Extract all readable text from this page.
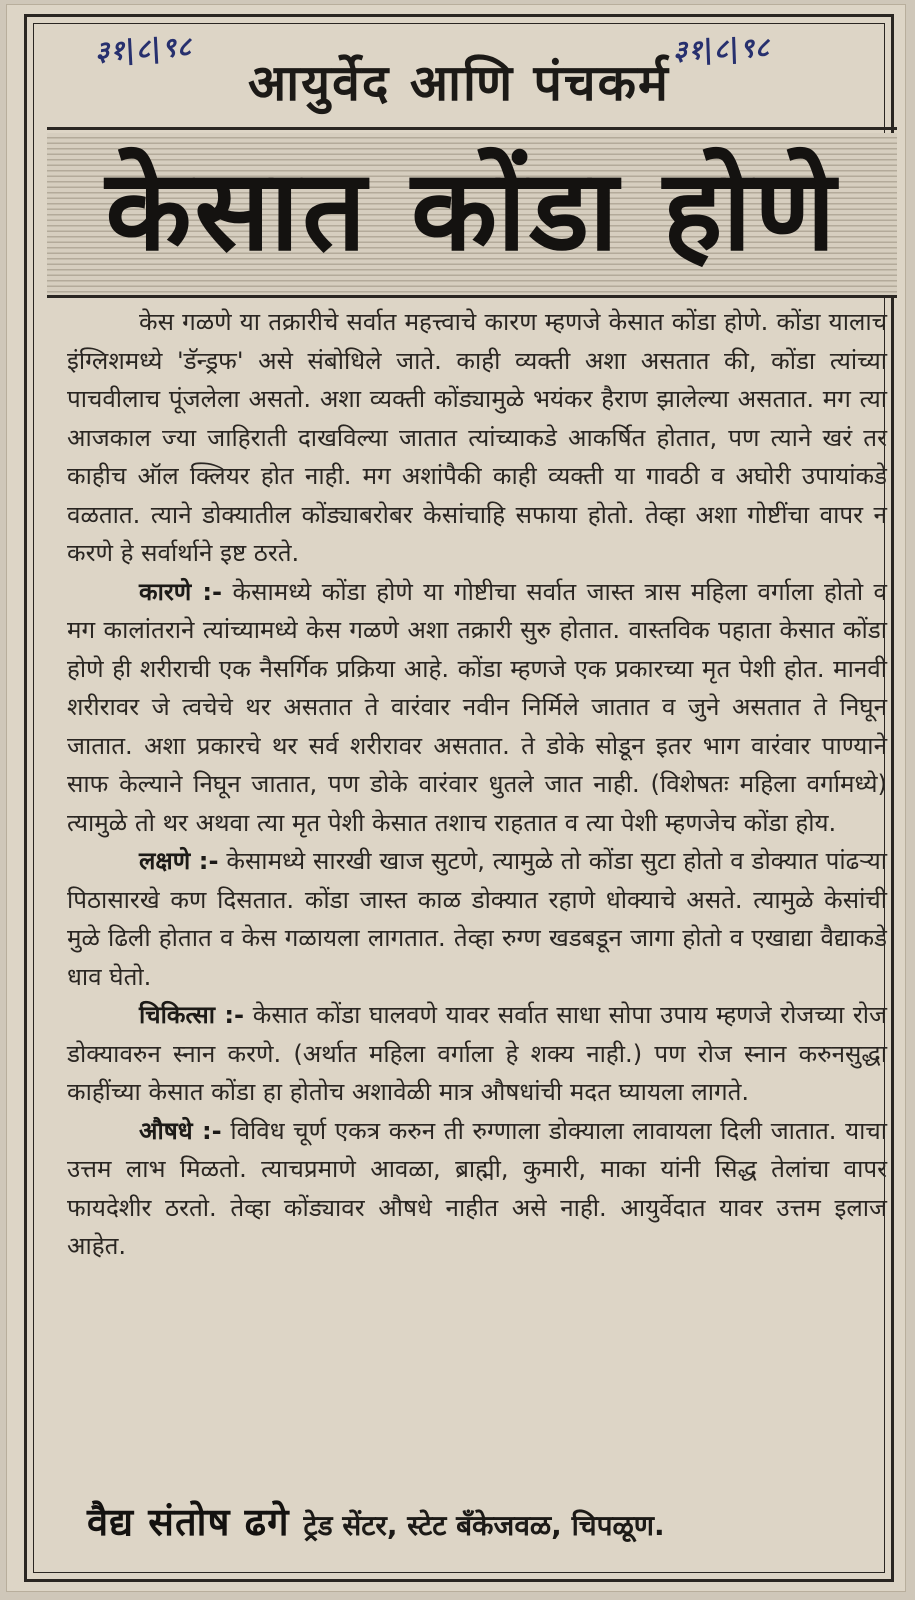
आयुर्वेद आणि पंचकर्म
३१|८|९८	३१|८|९८
केसात कोंडा होणे

केस गळणे या तक्रारीचे सर्वात महत्त्वाचे कारण म्हणजे केसात कोंडा होणे. कोंडा यालाच इंग्लिशमध्ये 'डॅन्ड्रफ' असे संबोधिले जाते. काही व्यक्ती अशा असतात की, कोंडा त्यांच्या पाचवीलाच पूंजलेला असतो. अशा व्यक्ती कोंड्यामुळे भयंकर हैराण झालेल्या असतात. मग त्या आजकाल ज्या जाहिराती दाखविल्या जातात त्यांच्याकडे आकर्षित होतात, पण त्याने खरं तर काहीच ऑल क्लियर होत नाही. मग अशांपैकी काही व्यक्ती या गावठी व अघोरी उपायांकडे वळतात. त्याने डोक्यातील कोंड्याबरोबर केसांचाहि सफाया होतो. तेव्हा अशा गोष्टींचा वापर न करणे हे सर्वार्थाने इष्ट ठरते.

कारणे :- केसामध्ये कोंडा होणे या गोष्टीचा सर्वात जास्त त्रास महिला वर्गाला होतो व मग कालांतराने त्यांच्यामध्ये केस गळणे अशा तक्रारी सुरु होतात. वास्तविक पहाता केसात कोंडा होणे ही शरीराची एक नैसर्गिक प्रक्रिया आहे. कोंडा म्हणजे एक प्रकारच्या मृत पेशी होत. मानवी शरीरावर जे त्वचेचे थर असतात ते वारंवार नवीन निर्मिले जातात व जुने असतात ते निघून जातात. अशा प्रकारचे थर सर्व शरीरावर असतात. ते डोके सोडून इतर भाग वारंवार पाण्याने साफ केल्याने निघून जातात, पण डोके वारंवार धुतले जात नाही. (विशेषतः महिला वर्गामध्ये) त्यामुळे तो थर अथवा त्या मृत पेशी केसात तशाच राहतात व त्या पेशी म्हणजेच कोंडा होय.

लक्षणे :- केसामध्ये सारखी खाज सुटणे, त्यामुळे तो कोंडा सुटा होतो व डोक्यात पांढऱ्या पिठासारखे कण दिसतात. कोंडा जास्त काळ डोक्यात रहाणे धोक्याचे असते. त्यामुळे केसांची मुळे ढिली होतात व केस गळायला लागतात. तेव्हा रुग्ण खडबडून जागा होतो व एखाद्या वैद्याकडे धाव घेतो.

चिकित्सा :- केसात कोंडा घालवणे यावर सर्वात साधा सोपा उपाय म्हणजे रोजच्या रोज डोक्यावरुन स्नान करणे. (अर्थात महिला वर्गाला हे शक्य नाही.) पण रोज स्नान करुनसुद्धा काहींच्या केसात कोंडा हा होतोच अशावेळी मात्र औषधांची मदत घ्यायला लागते.

औषधे :- विविध चूर्ण एकत्र करुन ती रुग्णाला डोक्याला लावायला दिली जातात. याचा उत्तम लाभ मिळतो. त्याचप्रमाणे आवळा, ब्राह्मी, कुमारी, माका यांनी सिद्ध तेलांचा वापर फायदेशीर ठरतो. तेव्हा कोंड्यावर औषधे नाहीत असे नाही. आयुर्वेदात यावर उत्तम इलाज आहेत.

वैद्य संतोष ढगे ट्रेड सेंटर, स्टेट बँकेजवळ, चिपळूण.
